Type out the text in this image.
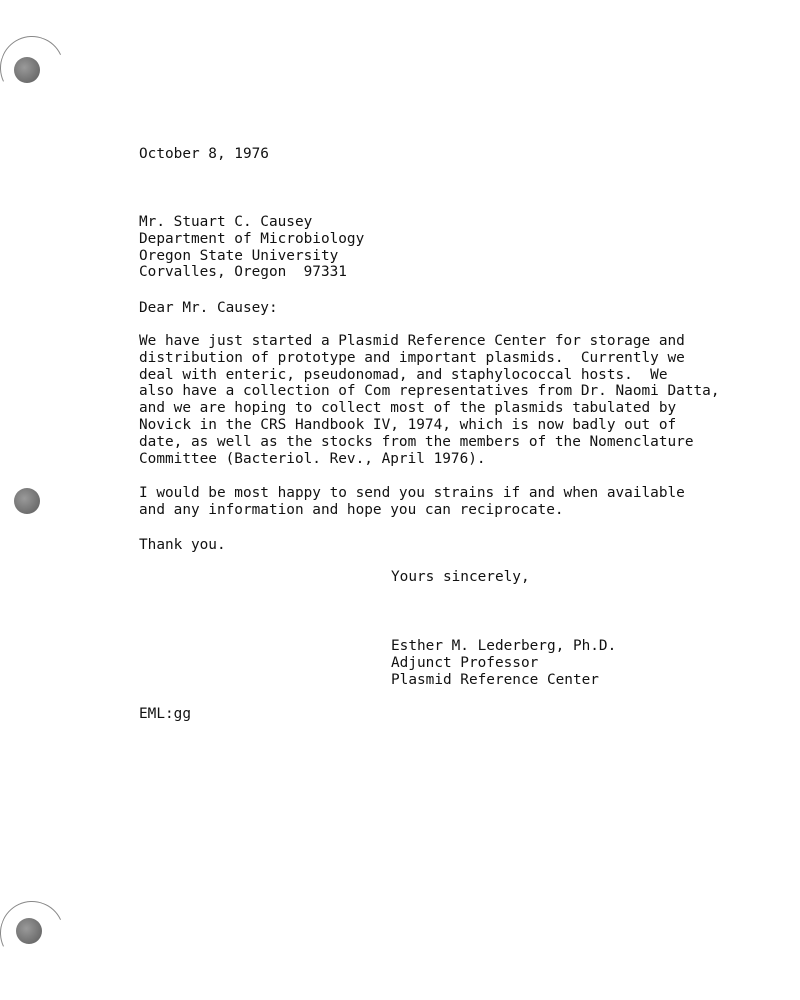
October 8, 1976
Mr. Stuart C. Causey
Department of Microbiology
Oregon State University
Corvalles, Oregon  97331
Dear Mr. Causey:
We have just started a Plasmid Reference Center for storage and
distribution of prototype and important plasmids.  Currently we
deal with enteric, pseudonomad, and staphylococcal hosts.  We
also have a collection of Com representatives from Dr. Naomi Datta,
and we are hoping to collect most of the plasmids tabulated by
Novick in the CRS Handbook IV, 1974, which is now badly out of
date, as well as the stocks from the members of the Nomenclature
Committee (Bacteriol. Rev., April 1976).
I would be most happy to send you strains if and when available
and any information and hope you can reciprocate.
Thank you.
Yours sincerely,
Esther M. Lederberg, Ph.D.
Adjunct Professor
Plasmid Reference Center
EML:gg
